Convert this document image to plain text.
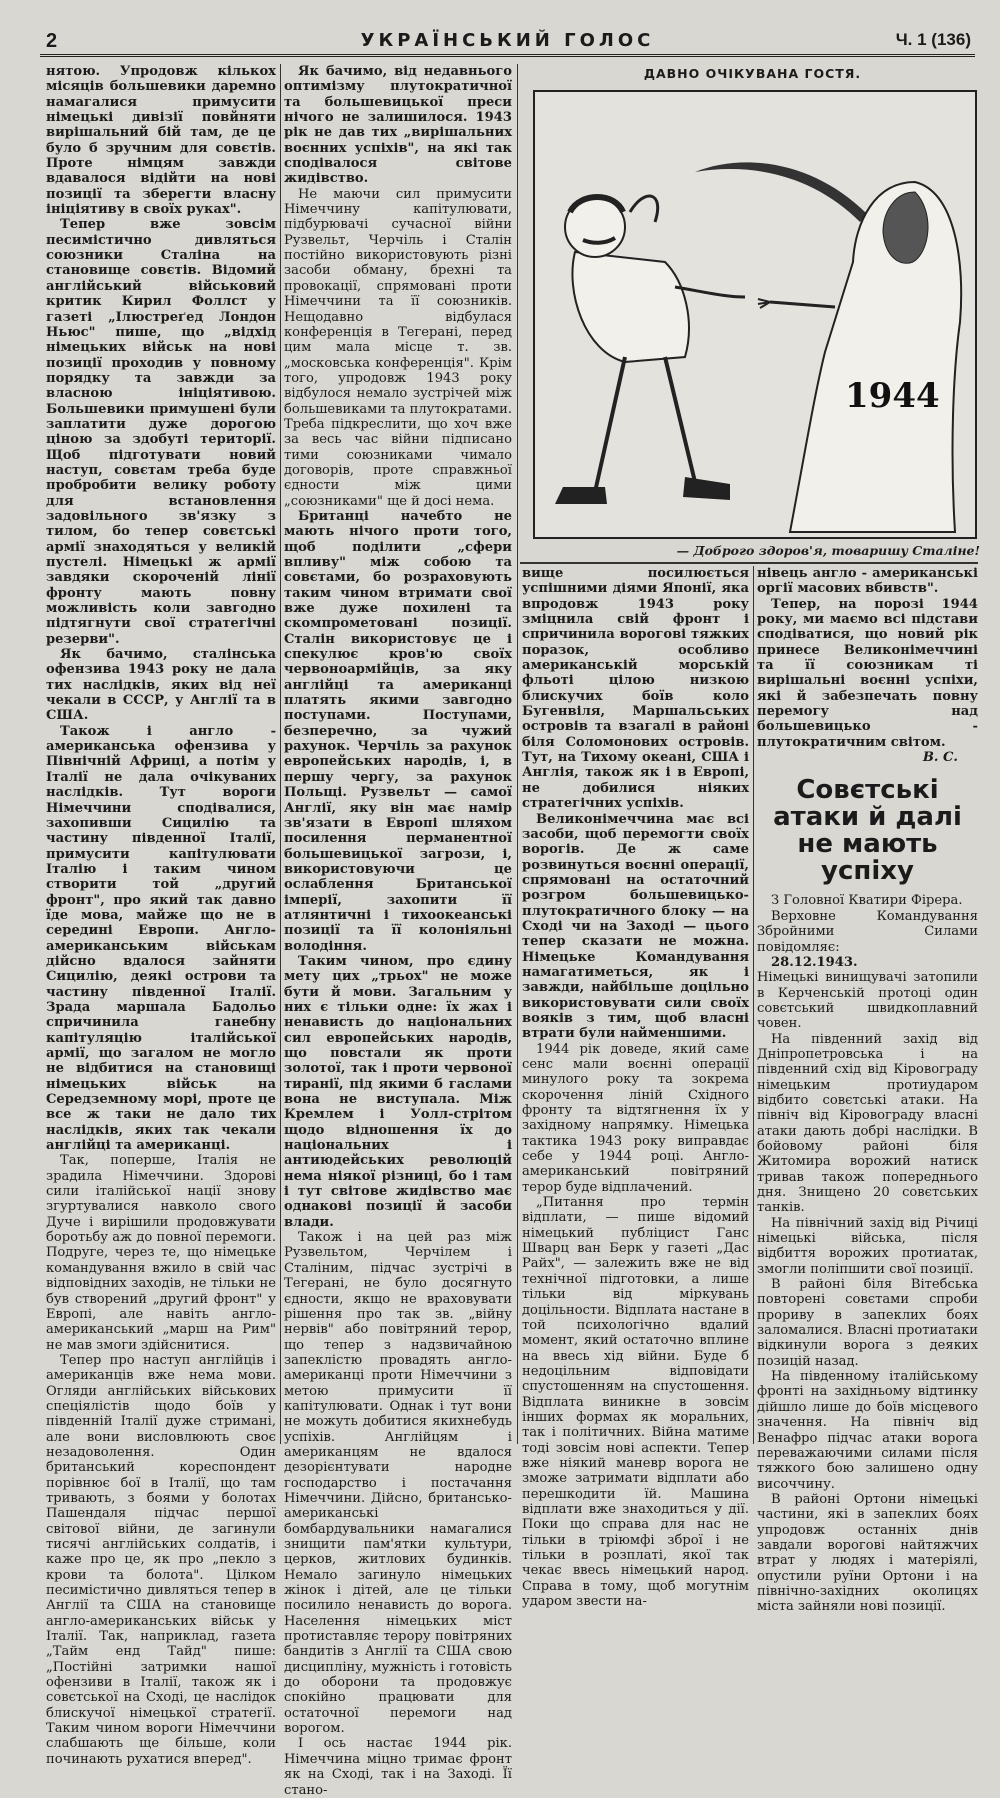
2	УКРАЇНСЬКИЙ ГОЛОС	Ч. 1 (136)

нятою. Упродовж кількох місяців большевики даремно намагалися примусити німецькі дивізії повйняти вирішальний бій там, де це було б зручним для совєтів. Проте німцям завжди вдавалося відійти на нові позиції та зберегти власну ініціятиву в своїх руках".

Тепер вже зовсім песимістично дивляться союзники Сталіна на становище совєтів. Відомий англійський військовий критик Кирил Фоллст у газеті „Ілюстреґед Лондон Ньюс" пише, що „відхід німецьких військ на нові позиції проходив у повному порядку та завжди за власною ініціятивою. Большевики примушені були заплатити дуже дорогою ціною за здобуті території. Щоб підготувати новий наступ, совєтам треба буде пробробити велику роботу для встановлення задовільного зв'язку з тилом, бо тепер совєтські армії знаходяться у великій пустелі. Німецькі ж армії завдяки скороченій лінії фронту мають повну можливість коли завгодно підтягнути свої стратегічні резерви".

Як бачимо, сталінська офензива 1943 року не дала тих наслідків, яких від неї чекали в СССР, у Англії та в США.

Також і англо - американська офензива у Північній Африці, а потім у Італії не дала очікуваних наслідків. Тут вороги Німеччини сподівалися, захопивши Сицилію та частину південної Італії, примусити капітулювати Італію і таким чином створити той „другий фронт", про який так давно їде мова, майже що не в середині Европи. Англо-американським військам дійсно вдалося зайняти Сицилію, деякі острови та частину південної Італії. Зрада маршала Бадольо спричинила ганебну капітуляцію італійської армії, що загалом не могло не відбитися на становищі німецьких військ на Середземному морі, проте це все ж таки не дало тих наслідків, яких так чекали англійці та американці.

Так, поперше, Італія не зрадила Німеччини. Здорові сили італійської нації знову згуртувалися навколо свого Дуче і вирішили продовжувати боротьбу аж до повної перемоги. Подруге, через те, що німецьке командування вжило в свій час відповідних заходів, не тільки не був створений „другий фронт" у Европі, але навіть англо-американський „марш на Рим" не мав змоги здійснитися.

Тепер про наступ англійців і американців вже нема мови. Огляди англійських військових спеціялістів щодо боїв у південній Італії дуже стримані, але вони висловлюють своє незадоволення. Один британський кореспондент порівнює бої в Італії, що там тривають, з боями у болотах Пашендаля підчас першої світової війни, де загинули тисячі англійських солдатів, і каже про це, як про „пекло з крови та болота". Цілком песимістично дивляться тепер в Англії та США на становище англо-американських військ у Італії. Так, наприклад, газета „Тайм енд Тайд" пише: „Постійні затримки нашої офензиви в Італії, також як і совєтської на Сході, це наслідок блискучої німецької стратегії. Таким чином вороги Німеччини слабшають ще більше, коли починають рухатися вперед".

Як бачимо, від недавнього оптимізму плутократичної та большевицької преси нічого не залишилося. 1943 рік не дав тих „вирішальних воєнних успіхів", на які так сподівалося світове жидівство.

Не маючи сил примусити Німеччину капітулювати, підбурювачі сучасної війни Рузвельт, Черчіль і Сталін постійно використовують різні засоби обману, брехні та провокації, спрямовані проти Німеччини та її союзників. Нещодавно відбулася конференція в Тегерані, перед цим мала місце т. зв. „московська конференція". Крім того, упродовж 1943 року відбулося немало зустрічей між большевиками та плутократами. Треба підкреслити, що хоч вже за весь час війни підписано тими союзниками чимало договорів, проте справжньої єдности між цими „союзниками" ще й досі нема.

Британці начебто не мають нічого проти того, щоб поділити „сфери впливу" між собою та совєтами, бо розраховують таким чином втримати свої вже дуже похилені та скомпрометовані позиції. Сталін використовує це і спекулює кров'ю своїх червоноармійців, за яку англійці та американці платять якими завгодно поступами. Поступами, безперечно, за чужий рахунок. Черчіль за рахунок европейських народів, і, в першу чергу, за рахунок Польщі. Рузвельт — самої Англії, яку він має намір зв'язати в Европі шляхом посилення перманентної большевицької загрози, і, використовуючи це ослаблення Британської імперії, захопити її атлянтичні і тихоокеанські позиції та її колоніяльні володіння.

Таким чином, про єдину мету цих „трьох" не може бути й мови. Загальним у них є тільки одне: їх жах і ненависть до національних сил европейських народів, що повстали як проти золотої, так і проти червоної тиранії, під якими б гаслами вона не виступала. Між Кремлем і Уолл-стрітом щодо відношення їх до національних і антиюдейських революцій нема ніякої різниці, бо і там і тут світове жидівство має однакові позиції й засоби влади.

Також і на цей раз між Рузвельтом, Черчілем і Сталіним, підчас зустрічі в Тегерані, не було досягнуто єдности, якщо не враховувати рішення про так зв. „війну нервів" або повітряний терор, що тепер з надзвичайною запеклістю провадять англо-американці проти Німеччини з метою примусити її капітулювати. Однак і тут вони не можуть добитися якихнебудь успіхів. Англійцям і американцям не вдалося дезорієнтувати народне господарство і постачання Німеччини. Дійсно, британсько-американські бомбардувальники намагалися знищити пам'ятки культури, церков, житлових будинків. Немало загинуло німецьких жінок і дітей, але це тільки посилило ненависть до ворога. Населення німецьких міст протиставляє терору повітряних бандитів з Англії та США свою дисципліну, мужність і готовість до оборони та продовжує спокійно працювати для остаточної перемоги над ворогом.

І ось настає 1944 рік. Німеччина міцно тримає фронт як на Сході, так і на Заході. Її стано-

ДАВНО ОЧІКУВАНА ГОСТЯ.
1944
— Доброго здоров'я, товаришу Сталіне!

вище посилюється успішними діями Японії, яка впродовж 1943 року зміцнила свій фронт і спричинила ворогові тяжких поразок, особливо американській морській фльоті цілою низкою блискучих боїв коло Бугенвіля, Маршальських островів та взагалі в районі біля Соломонових островів. Тут, на Тихому океані, США і Англія, також як і в Европі, не добилися ніяких стратегічних успіхів.

Великонімеччина має всі засоби, щоб перемогти своїх ворогів. Де ж саме розвинуться воєнні операції, спрямовані на остаточний розгром большевицько-плутократичного блоку — на Сході чи на Заході — цього тепер сказати не можна. Німецьке Командування намагатиметься, як і завжди, найбільше доцільно використовувати сили своїх вояків з тим, щоб власні втрати були найменшими.

1944 рік доведе, який саме сенс мали воєнні операції минулого року та зокрема скорочення ліній Східного фронту та відтягнення їх у західному напрямку. Німецька тактика 1943 року виправдає себе у 1944 році. Англо-американський повітряний терор буде відплачений.

„Питання про термін відплати, — пише відомий німецький публіцист Ганс Шварц ван Берк у газеті „Дас Райх", — залежить вже не від технічної підготовки, а лише тільки від міркувань доцільности. Відплата настане в той психологічно вдалий момент, який остаточно вплине на ввесь хід війни. Буде б недоцільним відповідати спустошенням на спустошення. Відплата виникне в зовсім інших формах як моральних, так і політичних. Війна матиме тоді зовсім нові аспекти. Тепер вже ніякий маневр ворога не зможе затримати відплати або перешкодити їй. Машина відплати вже знаходиться у дії. Поки що справа для нас не тільки в тріюмфі зброї і не тільки в розплаті, якої так чекає ввесь німецький народ. Справа в тому, щоб могутнім ударом звести на-

нівець англо - американські оргії масових вбивств".

Тепер, на порозі 1944 року, ми маємо всі підстави сподіватися, що новий рік принесе Великонімеччині та її союзникам ті вирішальні воєнні успіхи, які й забезпечать повну перемогу над большевицько - плутократичним світом.

В. С.
Совєтські атаки й далі не мають успіху

З Головної Кватири Фірера.

Верховне Командування Збройними Силами повідомляє:

28.12.1943.

Німецькі винищувачі затопили в Керченській протоці один совєтський швидкоплавний човен.

На південний захід від Дніпропетровська і на південний схід від Кіровограду німецьким протиударом відбито совєтські атаки. На північ від Кіровограду власні атаки дають добрі наслідки. В бойовому районі біля Житомира ворожий натиск тривав також попереднього дня. Знищено 20 совєтських танків.

На північний захід від Річиці німецькі війська, після відбиття ворожих протиатак, змогли поліпшити свої позиції.

В районі біля Вітебська повторені совєтами спроби прориву в запеклих боях заломалися. Власні протиатаки відкинули ворога з деяких позицій назад.

На південному італійському фронті на західньому відтинку дійшло лише до боїв місцевого значення. На північ від Венафро підчас атаки ворога переважаючими силами після тяжкого бою залишено одну височчину.

В районі Ортони німецькі частини, які в запеклих боях упродовж останніх днів завдали ворогові найтяжчих втрат у людях і матеріялі, опустили руїни Ортони і на північно-західних околицях міста зайняли нові позиції.
